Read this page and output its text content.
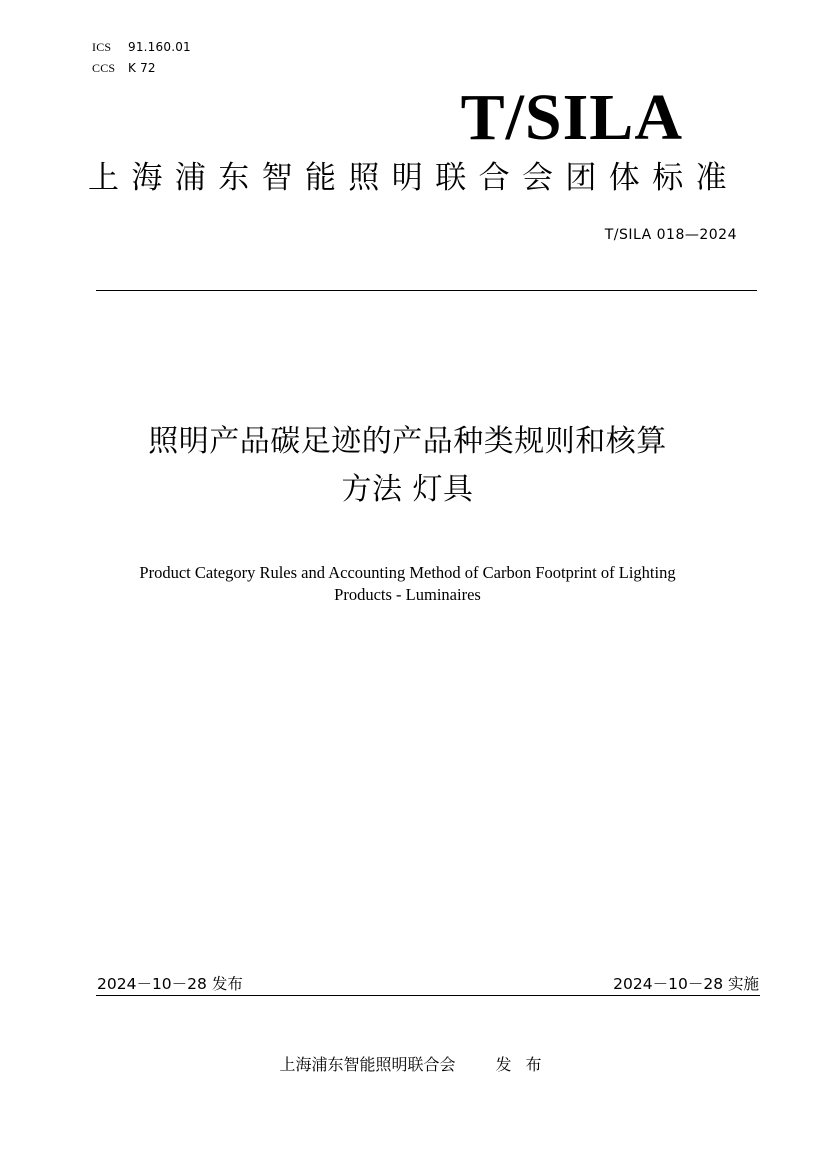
ICS 91.160.01
CCS K 72
T/SILA
上海浦东智能照明联合会团体标准
T/SILA 018—2024
照明产品碳足迹的产品种类规则和核算
方法 灯具
Product Category Rules and Accounting Method of Carbon Footprint of Lighting
Products - Luminaires
2024－10－28 发布	2024－10－28 实施
上海浦东智能照明联合会	发布
